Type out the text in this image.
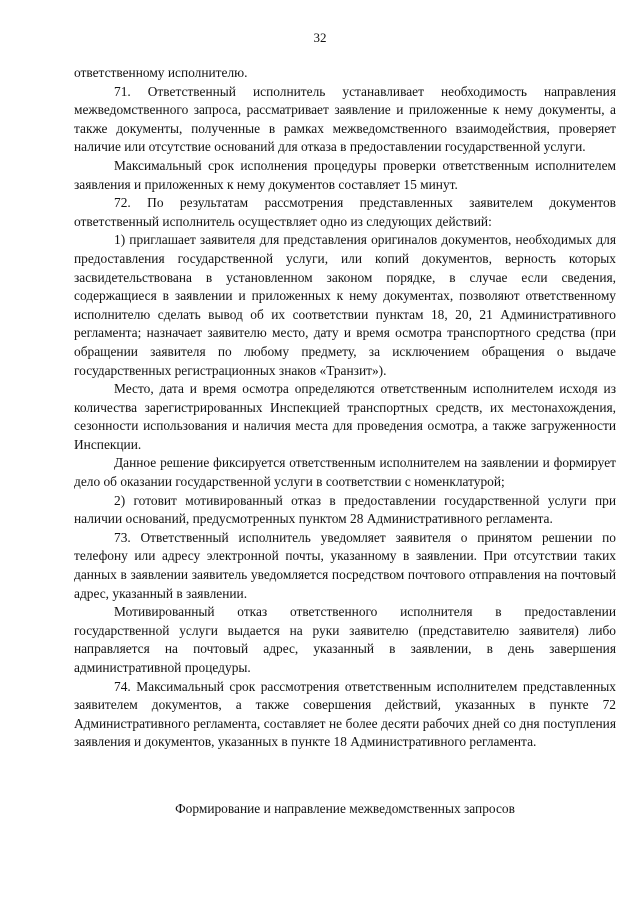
32

ответственному исполнителю.

71. Ответственный исполнитель устанавливает необходимость направления межведомственного запроса, рассматривает заявление и приложенные к нему документы, а также документы, полученные в рамках межведомственного взаимодействия, проверяет наличие или отсутствие оснований для отказа в предоставлении государственной услуги.

Максимальный срок исполнения процедуры проверки ответственным исполнителем заявления и приложенных к нему документов составляет 15 минут.

72. По результатам рассмотрения представленных заявителем документов ответственный исполнитель осуществляет одно из следующих действий:

1) приглашает заявителя для представления оригиналов документов, необходимых для предоставления государственной услуги, или копий документов, верность которых засвидетельствована в установленном законом порядке, в случае если сведения, содержащиеся в заявлении и приложенных к нему документах, позволяют ответственному исполнителю сделать вывод об их соответствии пунктам 18, 20, 21 Административного регламента; назначает заявителю место, дату и время осмотра транспортного средства (при обращении заявителя по любому предмету, за исключением обращения о выдаче государственных регистрационных знаков «Транзит»).

Место, дата и время осмотра определяются ответственным исполнителем исходя из количества зарегистрированных Инспекцией транспортных средств, их местонахождения, сезонности использования и наличия места для проведения осмотра, а также загруженности Инспекции.

Данное решение фиксируется ответственным исполнителем на заявлении и формирует дело об оказании государственной услуги в соответствии с номенклатурой;

2) готовит мотивированный отказ в предоставлении государственной услуги при наличии оснований, предусмотренных пунктом 28 Административного регламента.

73. Ответственный исполнитель уведомляет заявителя о принятом решении по телефону или адресу электронной почты, указанному в заявлении. При отсутствии таких данных в заявлении заявитель уведомляется посредством почтового отправления на почтовый адрес, указанный в заявлении.

Мотивированный отказ ответственного исполнителя в предоставлении государственной услуги выдается на руки заявителю (представителю заявителя) либо направляется на почтовый адрес, указанный в заявлении, в день завершения административной процедуры.

74. Максимальный срок рассмотрения ответственным исполнителем представленных заявителем документов, а также совершения действий, указанных в пункте 72 Административного регламента, составляет не более десяти рабочих дней со дня поступления заявления и документов, указанных в пункте 18 Административного регламента.

Формирование и направление межведомственных запросов
